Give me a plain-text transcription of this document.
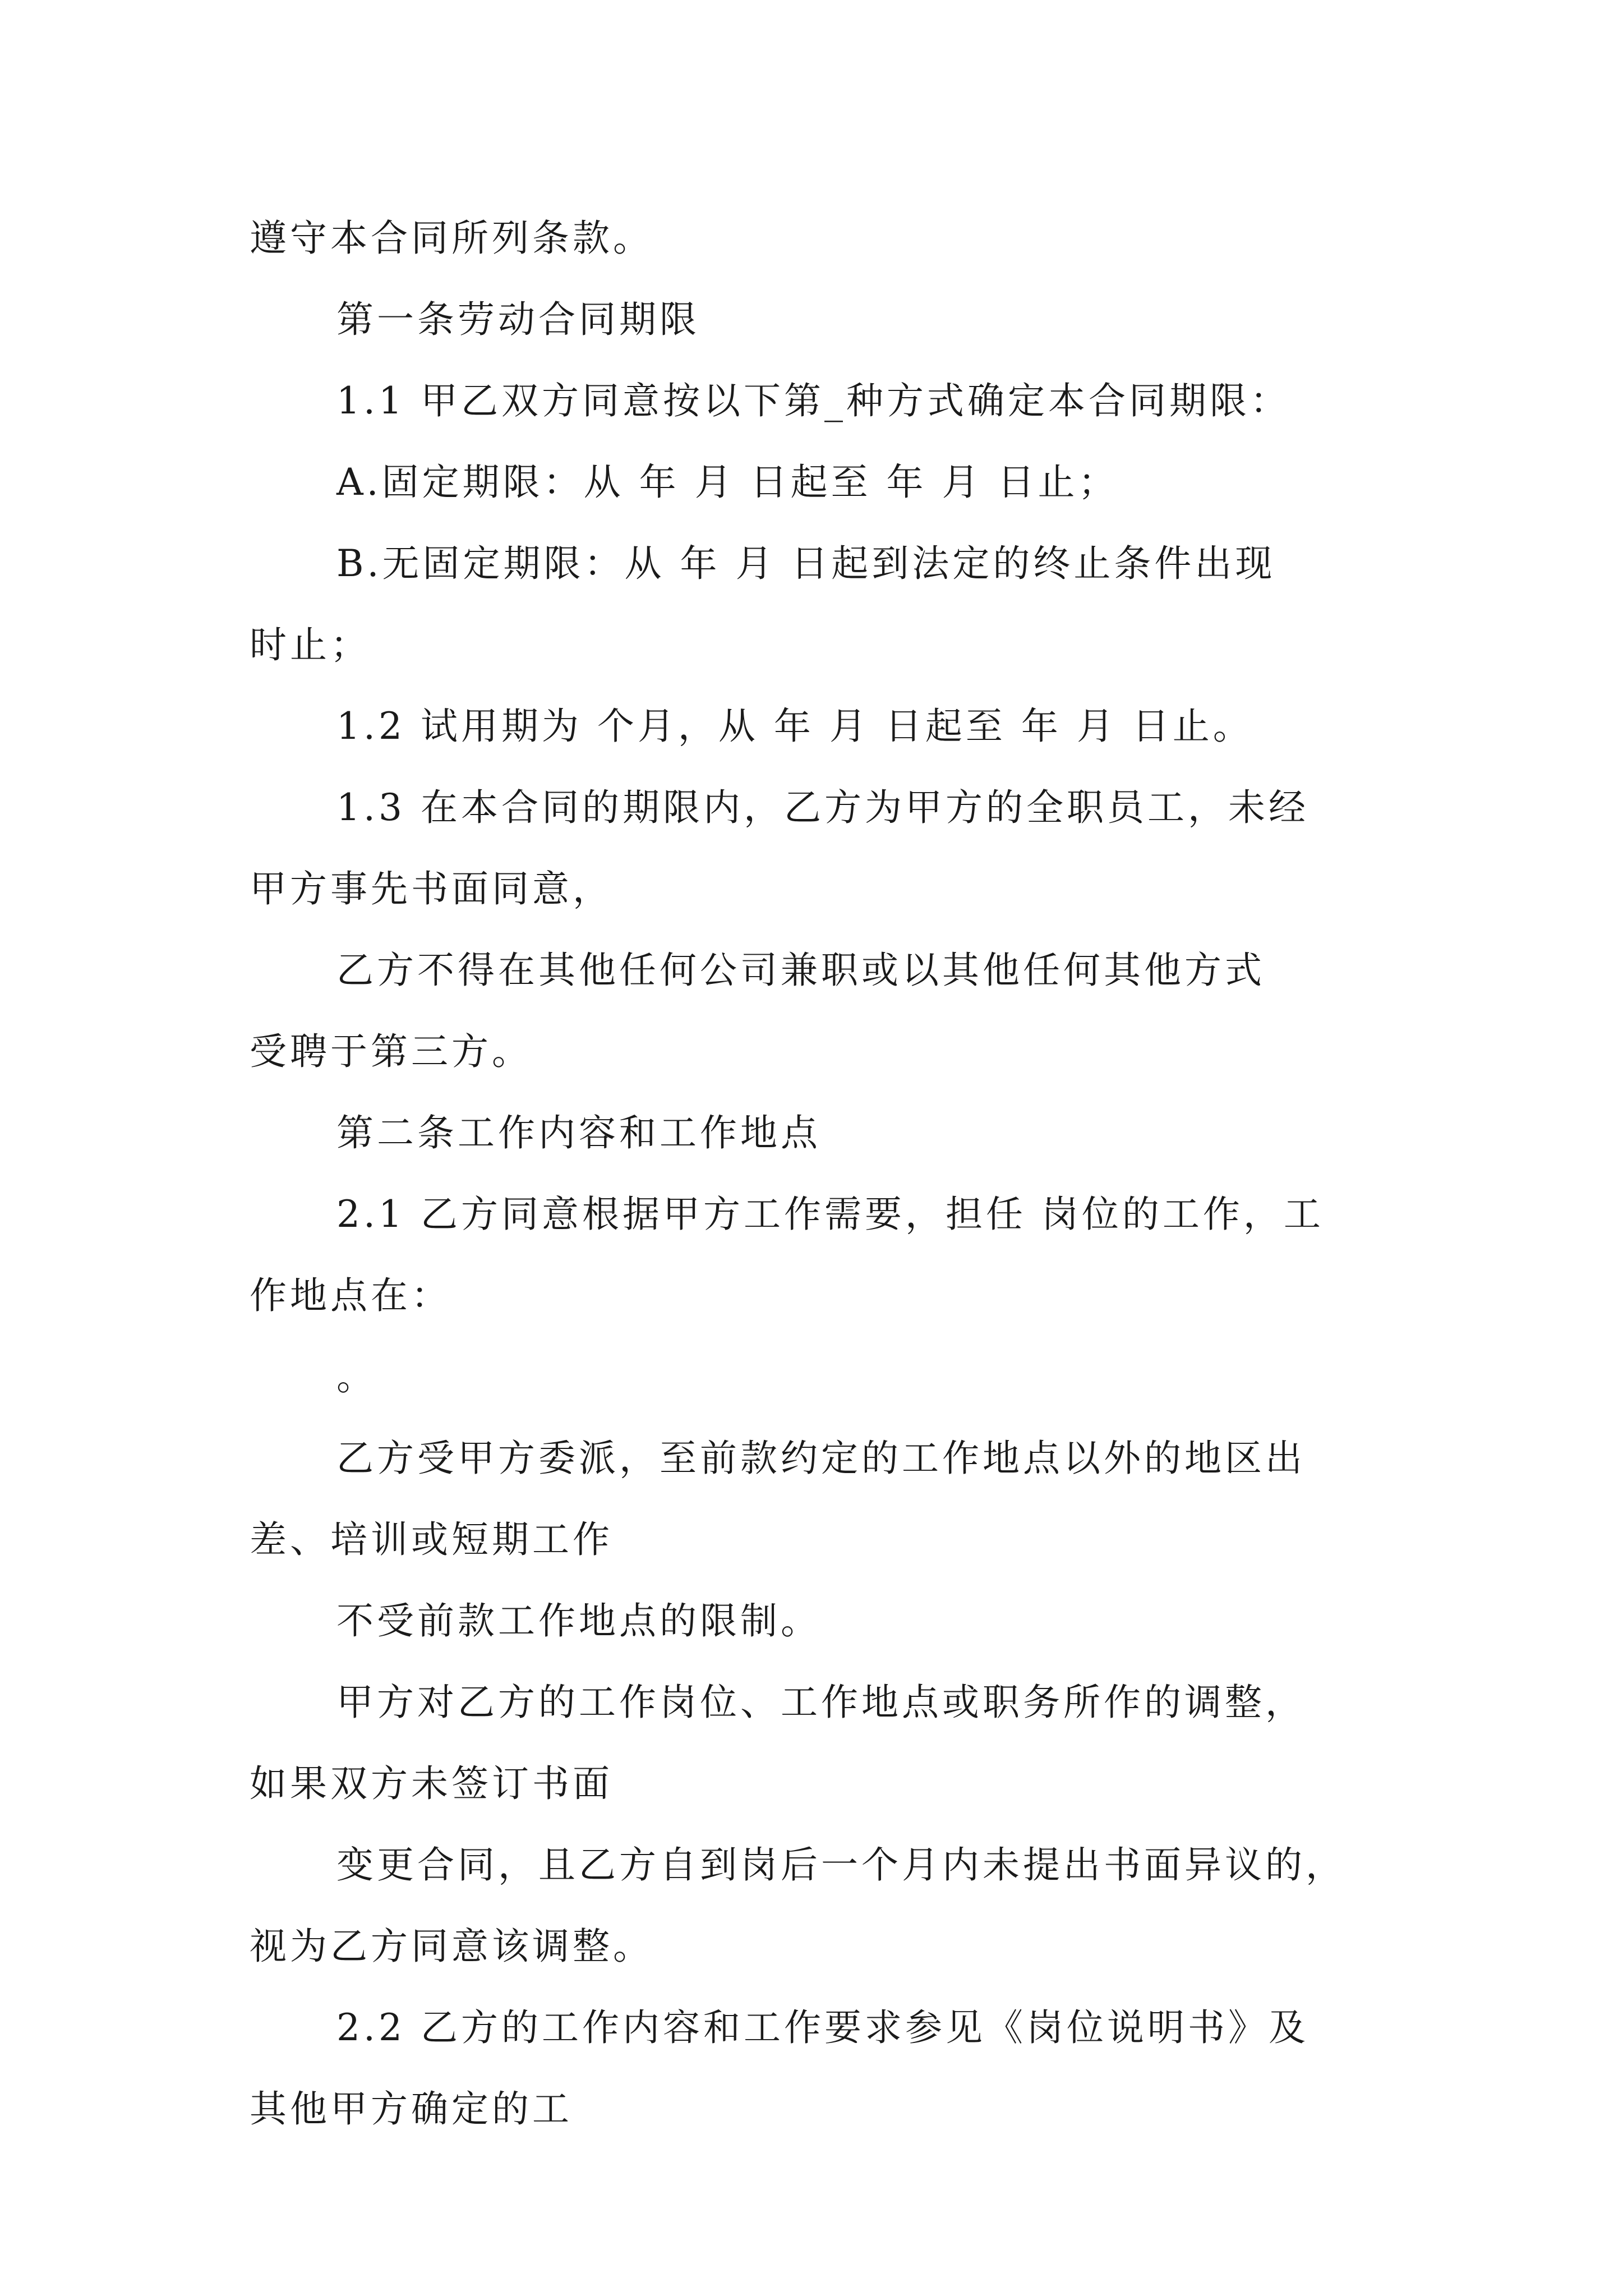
遵守本合同所列条款。
第一条劳动合同期限
1.1 甲乙双方同意按以下第_种方式确定本合同期限：
A.固定期限：从 年 月 日起至 年 月 日止；
B.无固定期限：从 年 月 日起到法定的终止条件出现
时止；
1.2 试用期为 个月，从 年 月 日起至 年 月 日止。
1.3 在本合同的期限内，乙方为甲方的全职员工，未经
甲方事先书面同意，
乙方不得在其他任何公司兼职或以其他任何其他方式
受聘于第三方。
第二条工作内容和工作地点
2.1 乙方同意根据甲方工作需要，担任 岗位的工作，工
作地点在：
。
乙方受甲方委派，至前款约定的工作地点以外的地区出
差、培训或短期工作
不受前款工作地点的限制。
甲方对乙方的工作岗位、工作地点或职务所作的调整，
如果双方未签订书面
变更合同，且乙方自到岗后一个月内未提出书面异议的，
视为乙方同意该调整。
2.2 乙方的工作内容和工作要求参见《岗位说明书》及
其他甲方确定的工
